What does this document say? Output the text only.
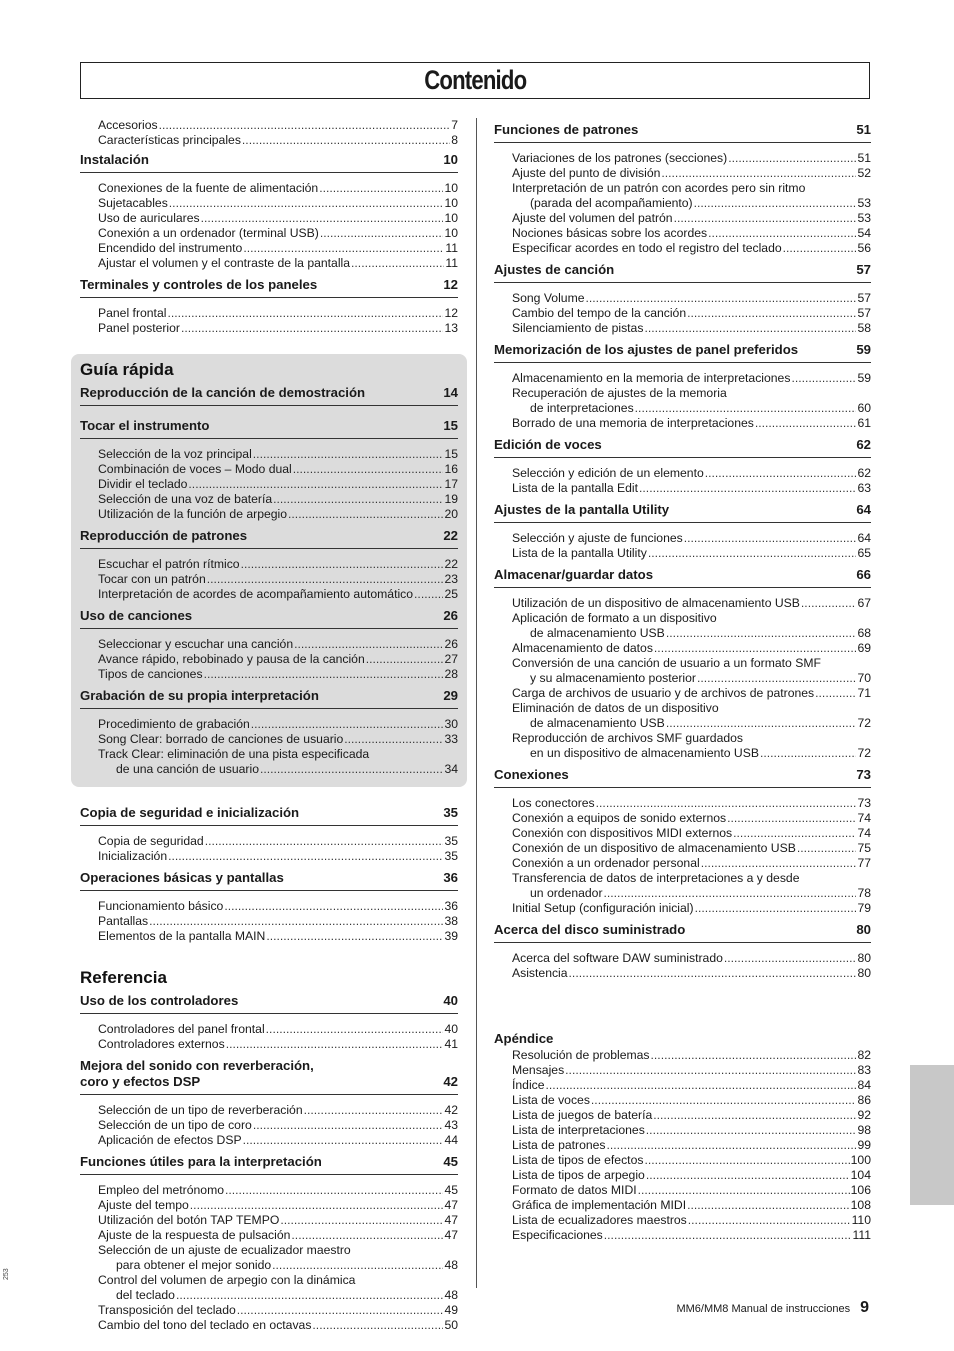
Contenido
Accesorios .....	7
Características principales .....	8
Instalación	10
Conexiones de la fuente de alimentación .....	10
Sujetacables .....	10
Uso de auriculares .....	10
Conexión a un ordenador (terminal USB) .....	10
Encendido del instrumento .....	11
Ajustar el volumen y el contraste de la pantalla .....	11
Terminales y controles de los paneles	12
Panel frontal .....	12
Panel posterior .....	13
Guía rápida
Reproducción de la canción de demostración	14
Tocar el instrumento	15
Selección de la voz principal .....	15
Combinación de voces – Modo dual .....	16
Dividir el teclado .....	17
Selección de una voz de batería .....	19
Utilización de la función de arpegio .....	20
Reproducción de patrones	22
Escuchar el patrón rítmico .....	22
Tocar con un patrón .....	23
Interpretación de acordes de acompañamiento automático .....	25
Uso de canciones	26
Seleccionar y escuchar una canción .....	26
Avance rápido, rebobinado y pausa de la canción .....	27
Tipos de canciones .....	28
Grabación de su propia interpretación	29
Procedimiento de grabación .....	30
Song Clear: borrado de canciones de usuario .....	33
Track Clear: eliminación de una pista especificada
de una canción de usuario .....	34
Copia de seguridad e inicialización	35
Copia de seguridad .....	35
Inicialización .....	35
Operaciones básicas y pantallas	36
Funcionamiento básico .....	36
Pantallas .....	38
Elementos de la pantalla MAIN .....	39
Referencia
Uso de los controladores	40
Controladores del panel frontal .....	40
Controladores externos .....	41
Mejora del sonido con reverberación,
coro y efectos DSP	42
Selección de un tipo de reverberación .....	42
Selección de un tipo de coro .....	43
Aplicación de efectos DSP .....	44
Funciones útiles para la interpretación	45
Empleo del metrónomo .....	45
Ajuste del tempo .....	47
Utilización del botón TAP TEMPO .....	47
Ajuste de la respuesta de pulsación .....	47
Selección de un ajuste de ecualizador maestro
para obtener el mejor sonido .....	48
Control del volumen de arpegio con la dinámica
del teclado .....	48
Transposición del teclado .....	49
Cambio del tono del teclado en octavas .....	50
Funciones de patrones	51
Variaciones de los patrones (secciones) .....	51
Ajuste del punto de división .....	52
Interpretación de un patrón con acordes pero sin ritmo
(parada del acompañamiento) .....	53
Ajuste del volumen del patrón .....	53
Nociones básicas sobre los acordes .....	54
Especificar acordes en todo el registro del teclado .....	56
Ajustes de canción	57
Song Volume .....	57
Cambio del tempo de la canción .....	57
Silenciamiento de pistas .....	58
Memorización de los ajustes de panel preferidos	59
Almacenamiento en la memoria de interpretaciones .....	59
Recuperación de ajustes de la memoria
de interpretaciones .....	60
Borrado de una memoria de interpretaciones .....	61
Edición de voces	62
Selección y edición de un elemento .....	62
Lista de la pantalla Edit .....	63
Ajustes de la pantalla Utility	64
Selección y ajuste de funciones .....	64
Lista de la pantalla Utility .....	65
Almacenar/guardar datos	66
Utilización de un dispositivo de almacenamiento USB .....	67
Aplicación de formato a un dispositivo
de almacenamiento USB .....	68
Almacenamiento de datos .....	69
Conversión de una canción de usuario a un formato SMF
y su almacenamiento posterior .....	70
Carga de archivos de usuario y de archivos de patrones .....	71
Eliminación de datos de un dispositivo
de almacenamiento USB .....	72
Reproducción de archivos SMF guardados
en un dispositivo de almacenamiento USB .....	72
Conexiones	73
Los conectores .....	73
Conexión a equipos de sonido externos .....	74
Conexión con dispositivos MIDI externos .....	74
Conexión de un dispositivo de almacenamiento USB .....	75
Conexión a un ordenador personal .....	77
Transferencia de datos de interpretaciones a y desde
un ordenador .....	78
Initial Setup (configuración inicial) .....	79
Acerca del disco suministrado	80
Acerca del software DAW suministrado .....	80
Asistencia .....	80
Apéndice
Resolución de problemas .....	82
Mensajes .....	83
Índice .....	84
Lista de voces .....	86
Lista de juegos de batería .....	92
Lista de interpretaciones .....	98
Lista de patrones .....	99
Lista de tipos de efectos .....	100
Lista de tipos de arpegio .....	104
Formato de datos MIDI .....	106
Gráfica de implementación MIDI .....	108
Lista de ecualizadores maestros .....	110
Especificaciones .....	111
253
MM6/MM8 Manual de instrucciones 9
